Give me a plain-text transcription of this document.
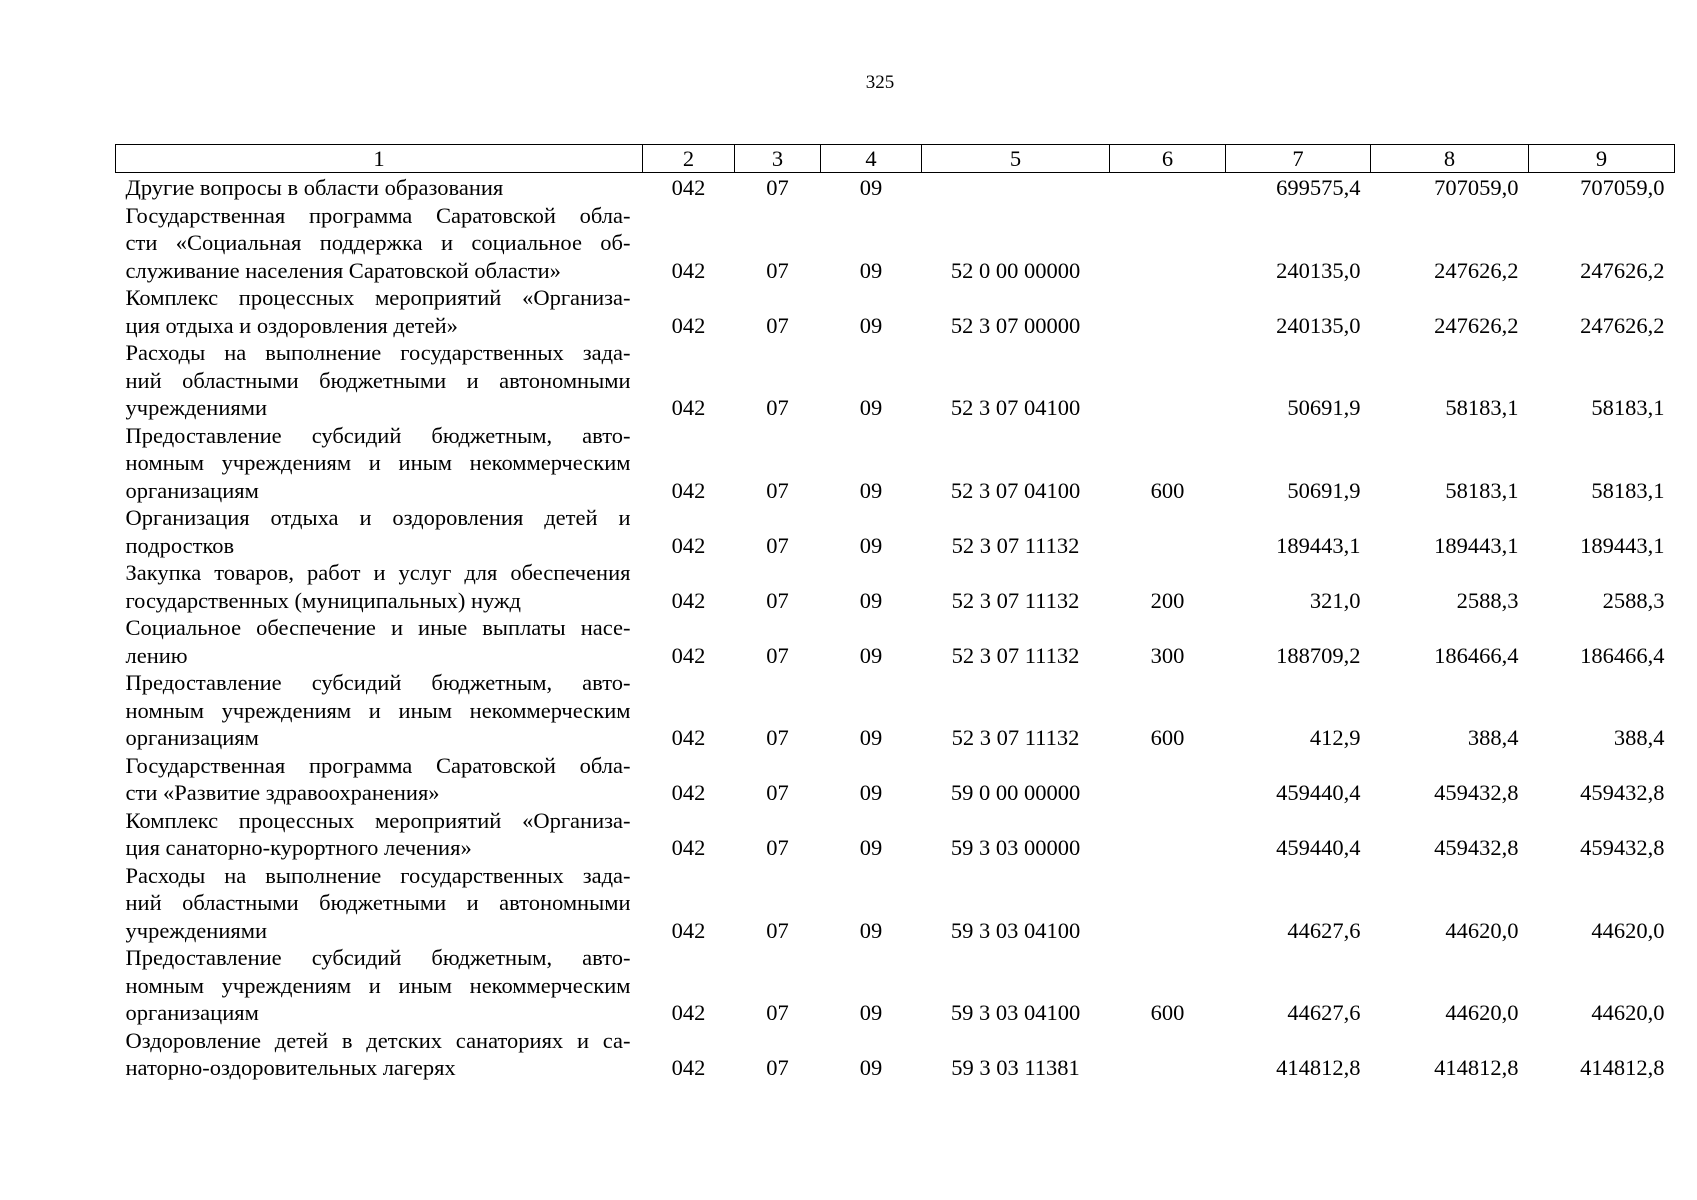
325
1	2	3	4	5	6	7	8	9

Другие вопросы в области образования	042	07	09			699575,4	707059,0	707059,0

Государственная программа Саратовской обла-
сти «Социальная поддержка и социальное об-
служивание населения Саратовской области»	042	07	09	52 0 00 00000		240135,0	247626,2	247626,2

Комплекс процессных мероприятий «Организа-
ция отдыха и оздоровления детей»	042	07	09	52 3 07 00000		240135,0	247626,2	247626,2

Расходы на выполнение государственных зада-
ний областными бюджетными и автономными
учреждениями	042	07	09	52 3 07 04100		50691,9	58183,1	58183,1

Предоставление субсидий бюджетным, авто-
номным учреждениям и иным некоммерческим
организациям	042	07	09	52 3 07 04100	600	50691,9	58183,1	58183,1

Организация отдыха и оздоровления детей и
подростков	042	07	09	52 3 07 11132		189443,1	189443,1	189443,1

Закупка товаров, работ и услуг для обеспечения
государственных (муниципальных) нужд	042	07	09	52 3 07 11132	200	321,0	2588,3	2588,3

Социальное обеспечение и иные выплаты насе-
лению	042	07	09	52 3 07 11132	300	188709,2	186466,4	186466,4

Предоставление субсидий бюджетным, авто-
номным учреждениям и иным некоммерческим
организациям	042	07	09	52 3 07 11132	600	412,9	388,4	388,4

Государственная программа Саратовской обла-
сти «Развитие здравоохранения»	042	07	09	59 0 00 00000		459440,4	459432,8	459432,8

Комплекс процессных мероприятий «Организа-
ция санаторно-курортного лечения»	042	07	09	59 3 03 00000		459440,4	459432,8	459432,8

Расходы на выполнение государственных зада-
ний областными бюджетными и автономными
учреждениями	042	07	09	59 3 03 04100		44627,6	44620,0	44620,0

Предоставление субсидий бюджетным, авто-
номным учреждениям и иным некоммерческим
организациям	042	07	09	59 3 03 04100	600	44627,6	44620,0	44620,0

Оздоровление детей в детских санаториях и са-
наторно-оздоровительных лагерях	042	07	09	59 3 03 11381		414812,8	414812,8	414812,8
